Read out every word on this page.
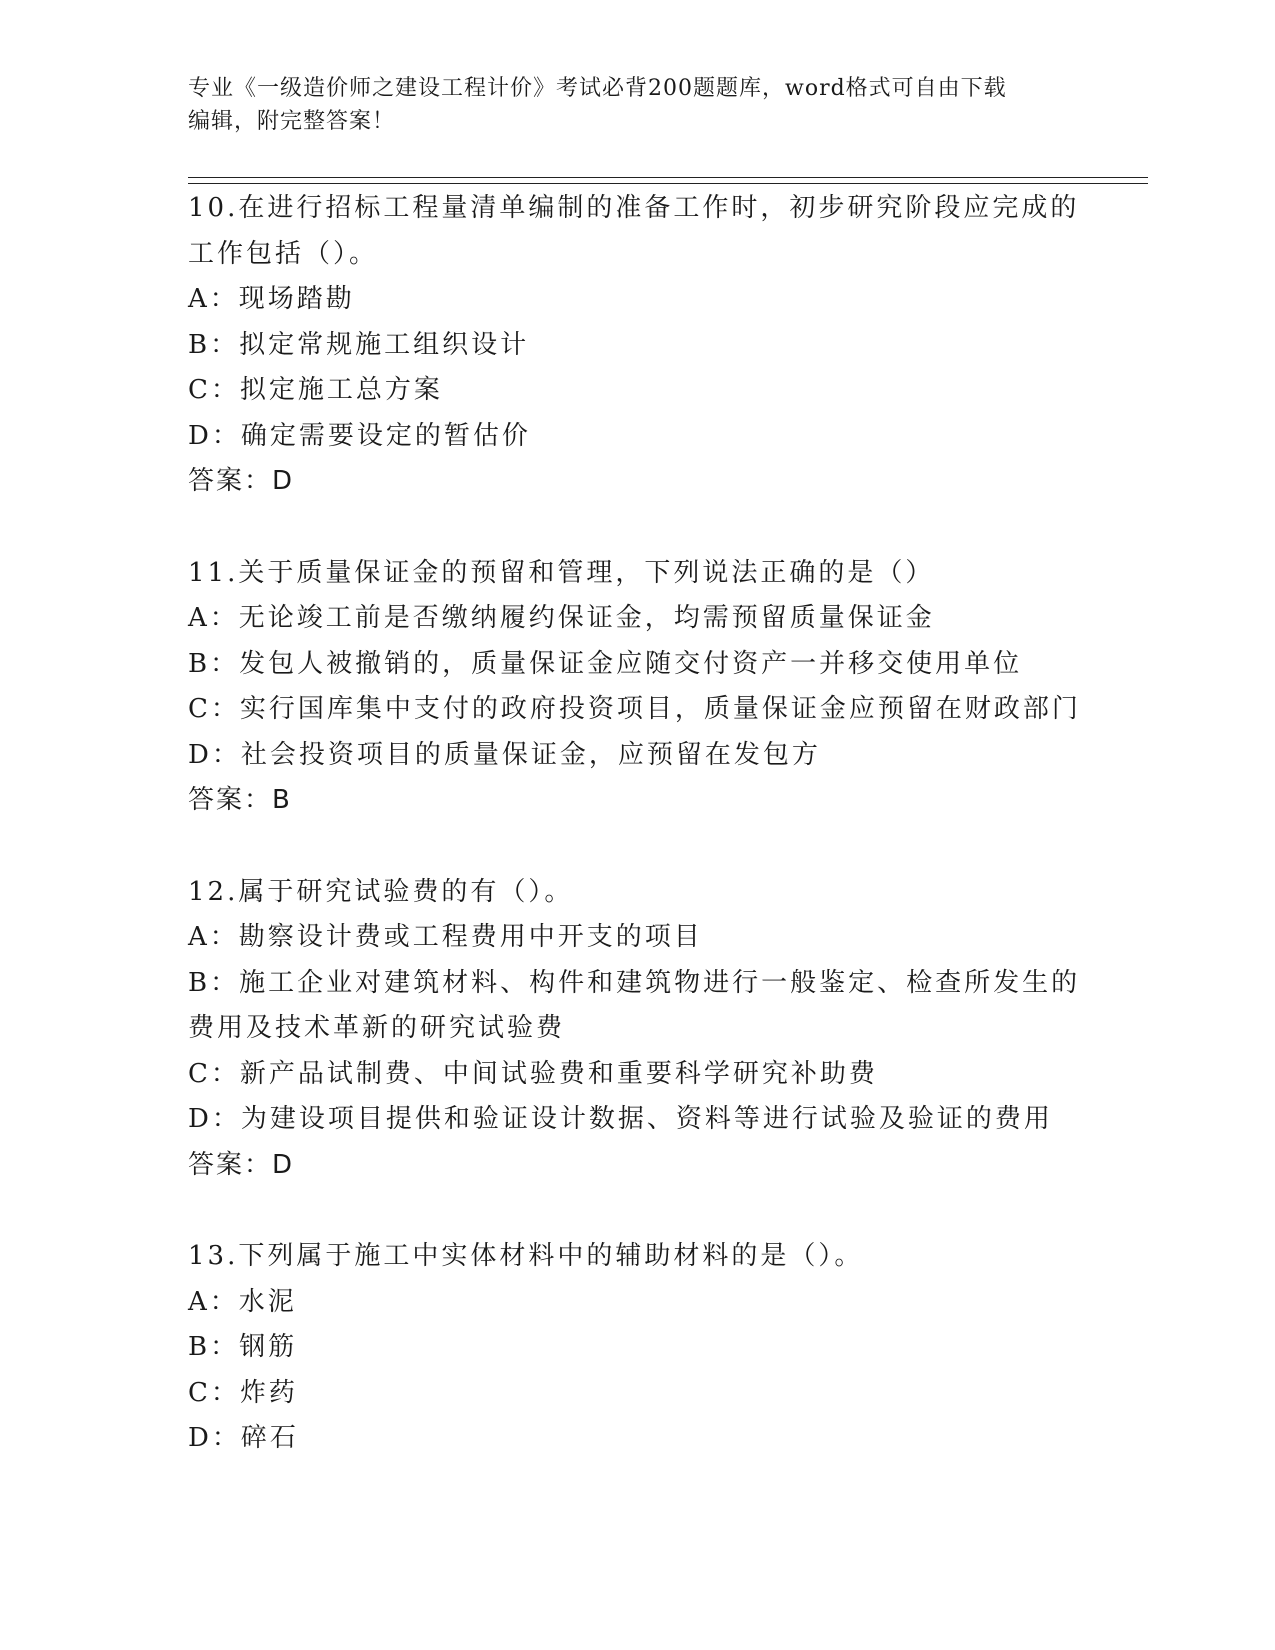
专业《一级造价师之建设工程计价》考试必背200题题库，word格式可自由下载
编辑，附完整答案！
10.在进行招标工程量清单编制的准备工作时，初步研究阶段应完成的
工作包括（）。
A：现场踏勘
B：拟定常规施工组织设计
C：拟定施工总方案
D：确定需要设定的暂估价
答案：D
11.关于质量保证金的预留和管理，下列说法正确的是（）
A：无论竣工前是否缴纳履约保证金，均需预留质量保证金
B：发包人被撤销的，质量保证金应随交付资产一并移交使用单位
C：实行国库集中支付的政府投资项目，质量保证金应预留在财政部门
D：社会投资项目的质量保证金，应预留在发包方
答案：B
12.属于研究试验费的有（）。
A：勘察设计费或工程费用中开支的项目
B：施工企业对建筑材料、构件和建筑物进行一般鉴定、检查所发生的
费用及技术革新的研究试验费
C：新产品试制费、中间试验费和重要科学研究补助费
D：为建设项目提供和验证设计数据、资料等进行试验及验证的费用
答案：D
13.下列属于施工中实体材料中的辅助材料的是（）。
A：水泥
B：钢筋
C：炸药
D：碎石
